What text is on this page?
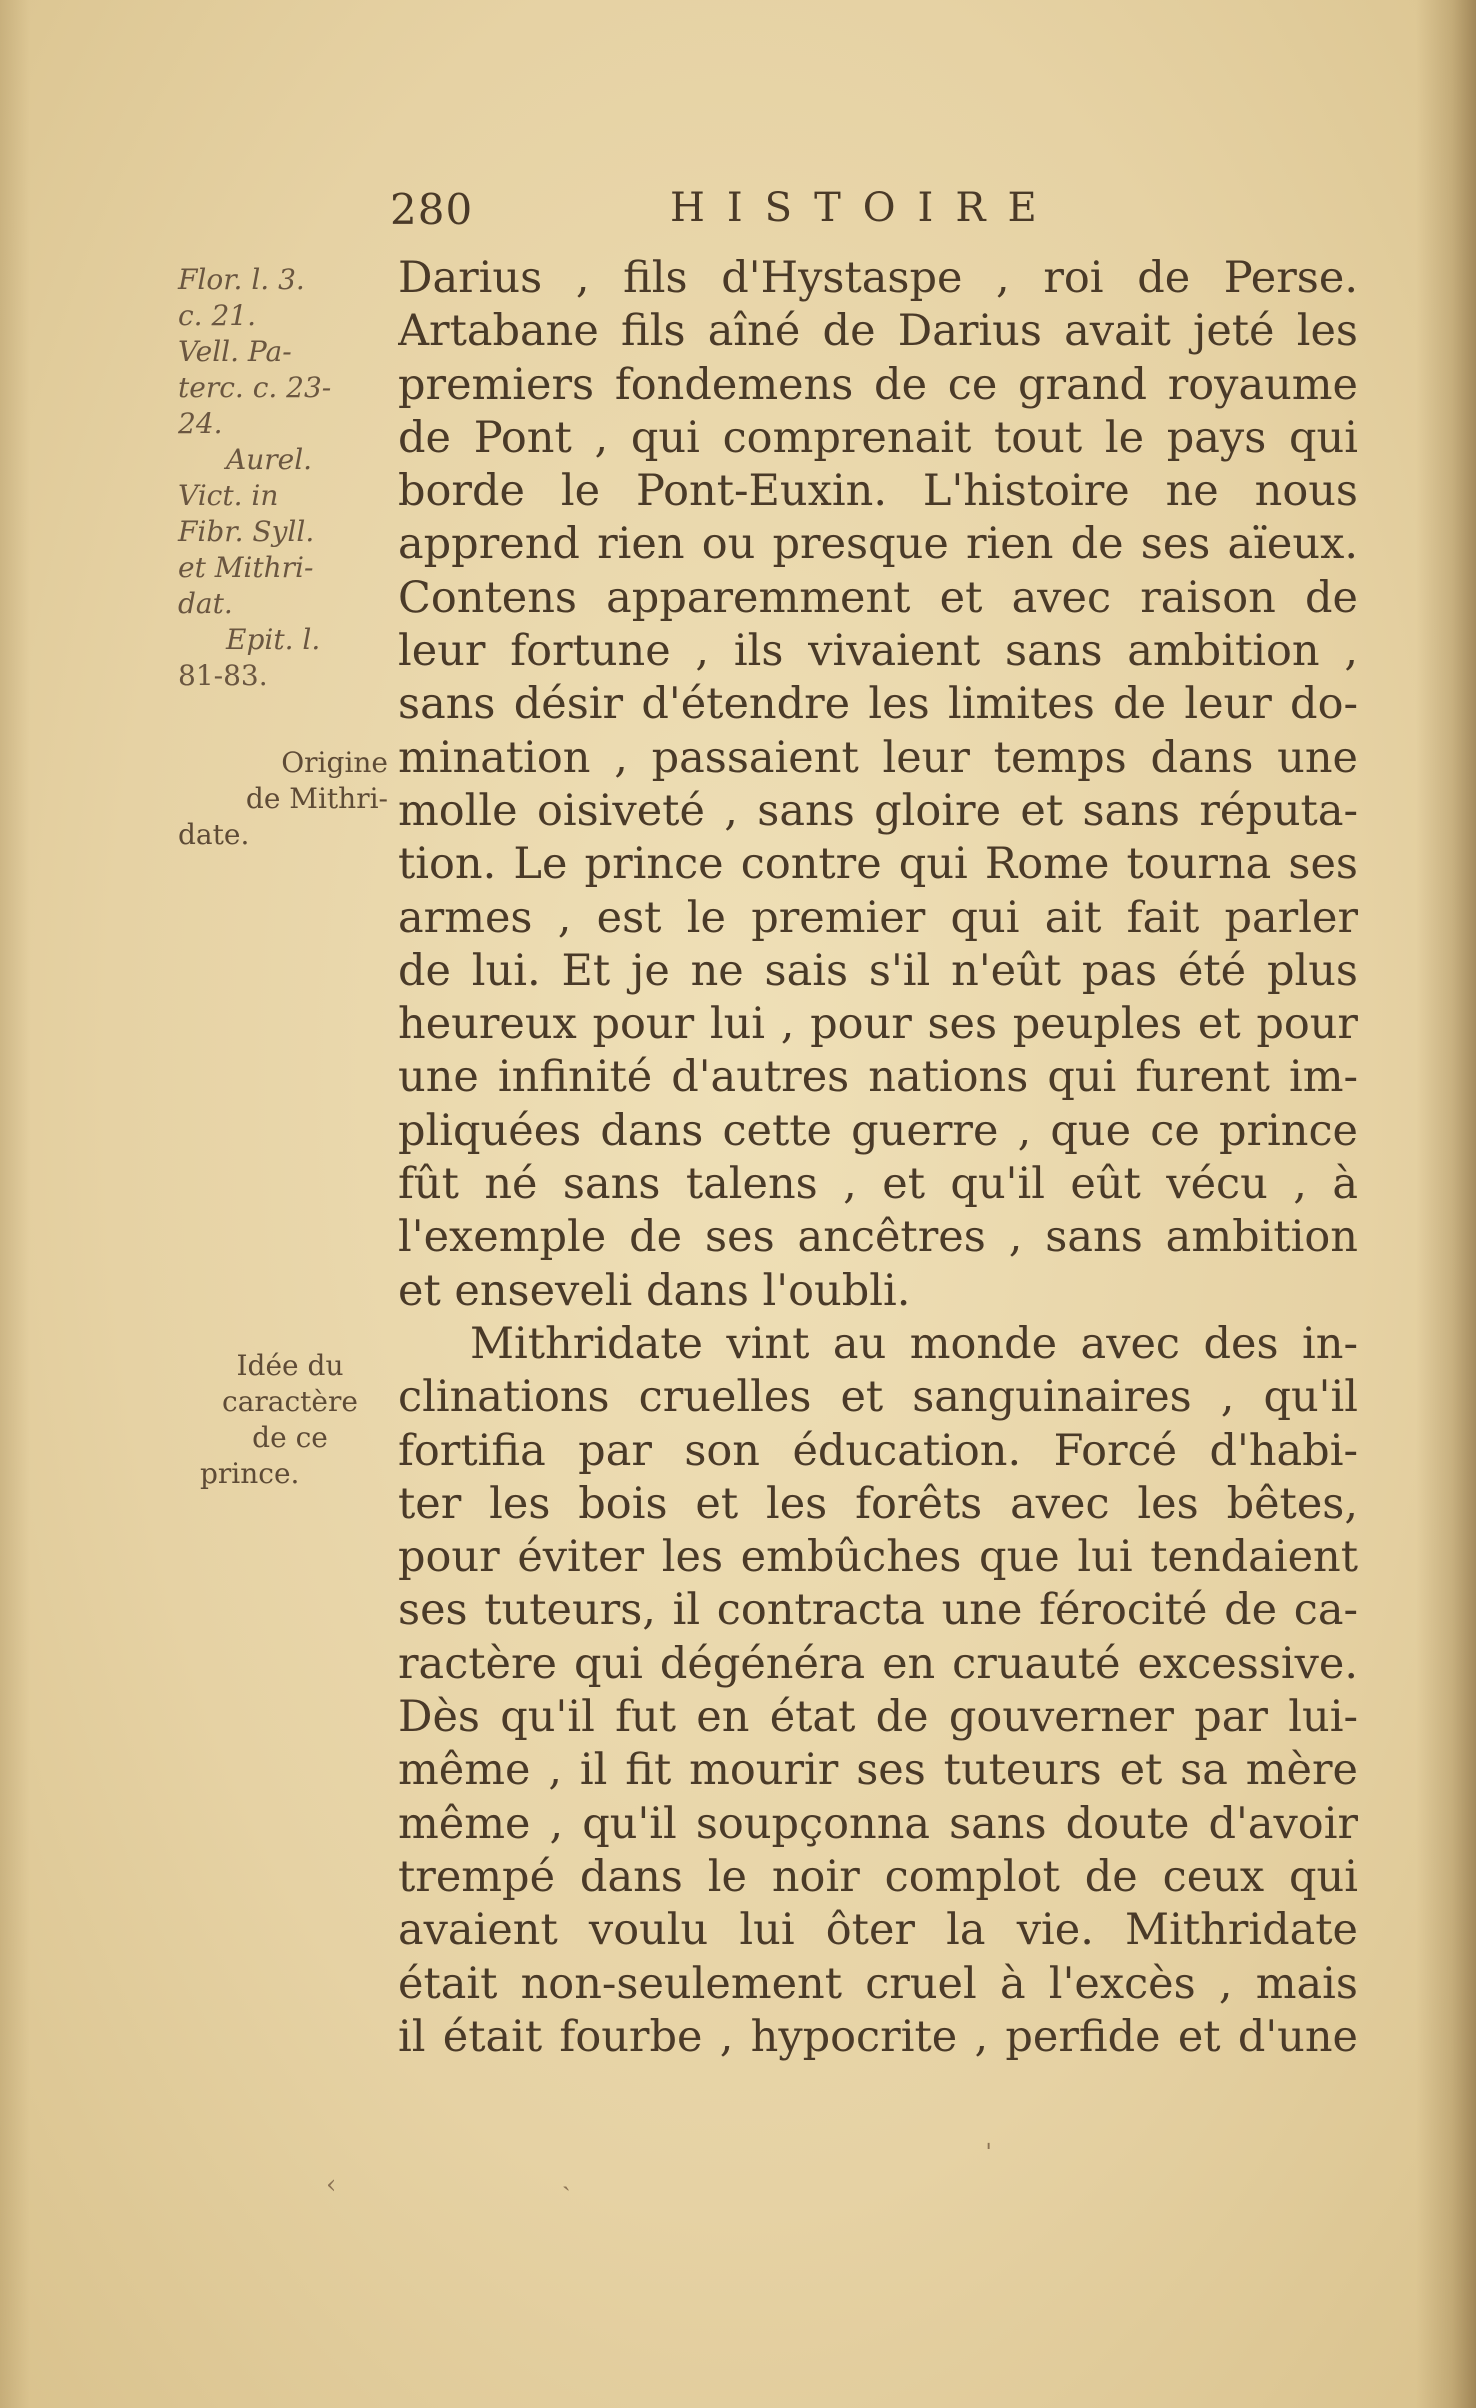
280	HISTOIRE
Flor. l. 3.
c. 21.
Vell. Pa-
terc. c. 23-
24.
Aurel.
Vict. in
Fibr. Syll.
et Mithri-
dat.
Epit. l.
81-83.
Origine
de Mithri-
date.
Idée du
caractère
de ce
prince.
Darius , fils d'Hystaspe , roi de Perse.
Artabane fils aîné de Darius avait jeté les
premiers fondemens de ce grand royaume
de Pont , qui comprenait tout le pays qui
borde le Pont-Euxin. L'histoire ne nous
apprend rien ou presque rien de ses aïeux.
Contens apparemment et avec raison de
leur fortune , ils vivaient sans ambition ,
sans désir d'étendre les limites de leur do-
mination , passaient leur temps dans une
molle oisiveté , sans gloire et sans réputa-
tion. Le prince contre qui Rome tourna ses
armes , est le premier qui ait fait parler
de lui. Et je ne sais s'il n'eût pas été plus
heureux pour lui , pour ses peuples et pour
une infinité d'autres nations qui furent im-
pliquées dans cette guerre , que ce prince
fût né sans talens , et qu'il eût vécu , à
l'exemple de ses ancêtres , sans ambition
et enseveli dans l'oubli.
Mithridate vint au monde avec des in-
clinations cruelles et sanguinaires , qu'il
fortifia par son éducation. Forcé d'habi-
ter les bois et les forêts avec les bêtes,
pour éviter les embûches que lui tendaient
ses tuteurs, il contracta une férocité de ca-
ractère qui dégénéra en cruauté excessive.
Dès qu'il fut en état de gouverner par lui-
même , il fit mourir ses tuteurs et sa mère
même , qu'il soupçonna sans doute d'avoir
trempé dans le noir complot de ceux qui
avaient voulu lui ôter la vie. Mithridate
était non-seulement cruel à l'excès , mais
il était fourbe , hypocrite , perfide et d'une
‹	ˎ
ˈ
